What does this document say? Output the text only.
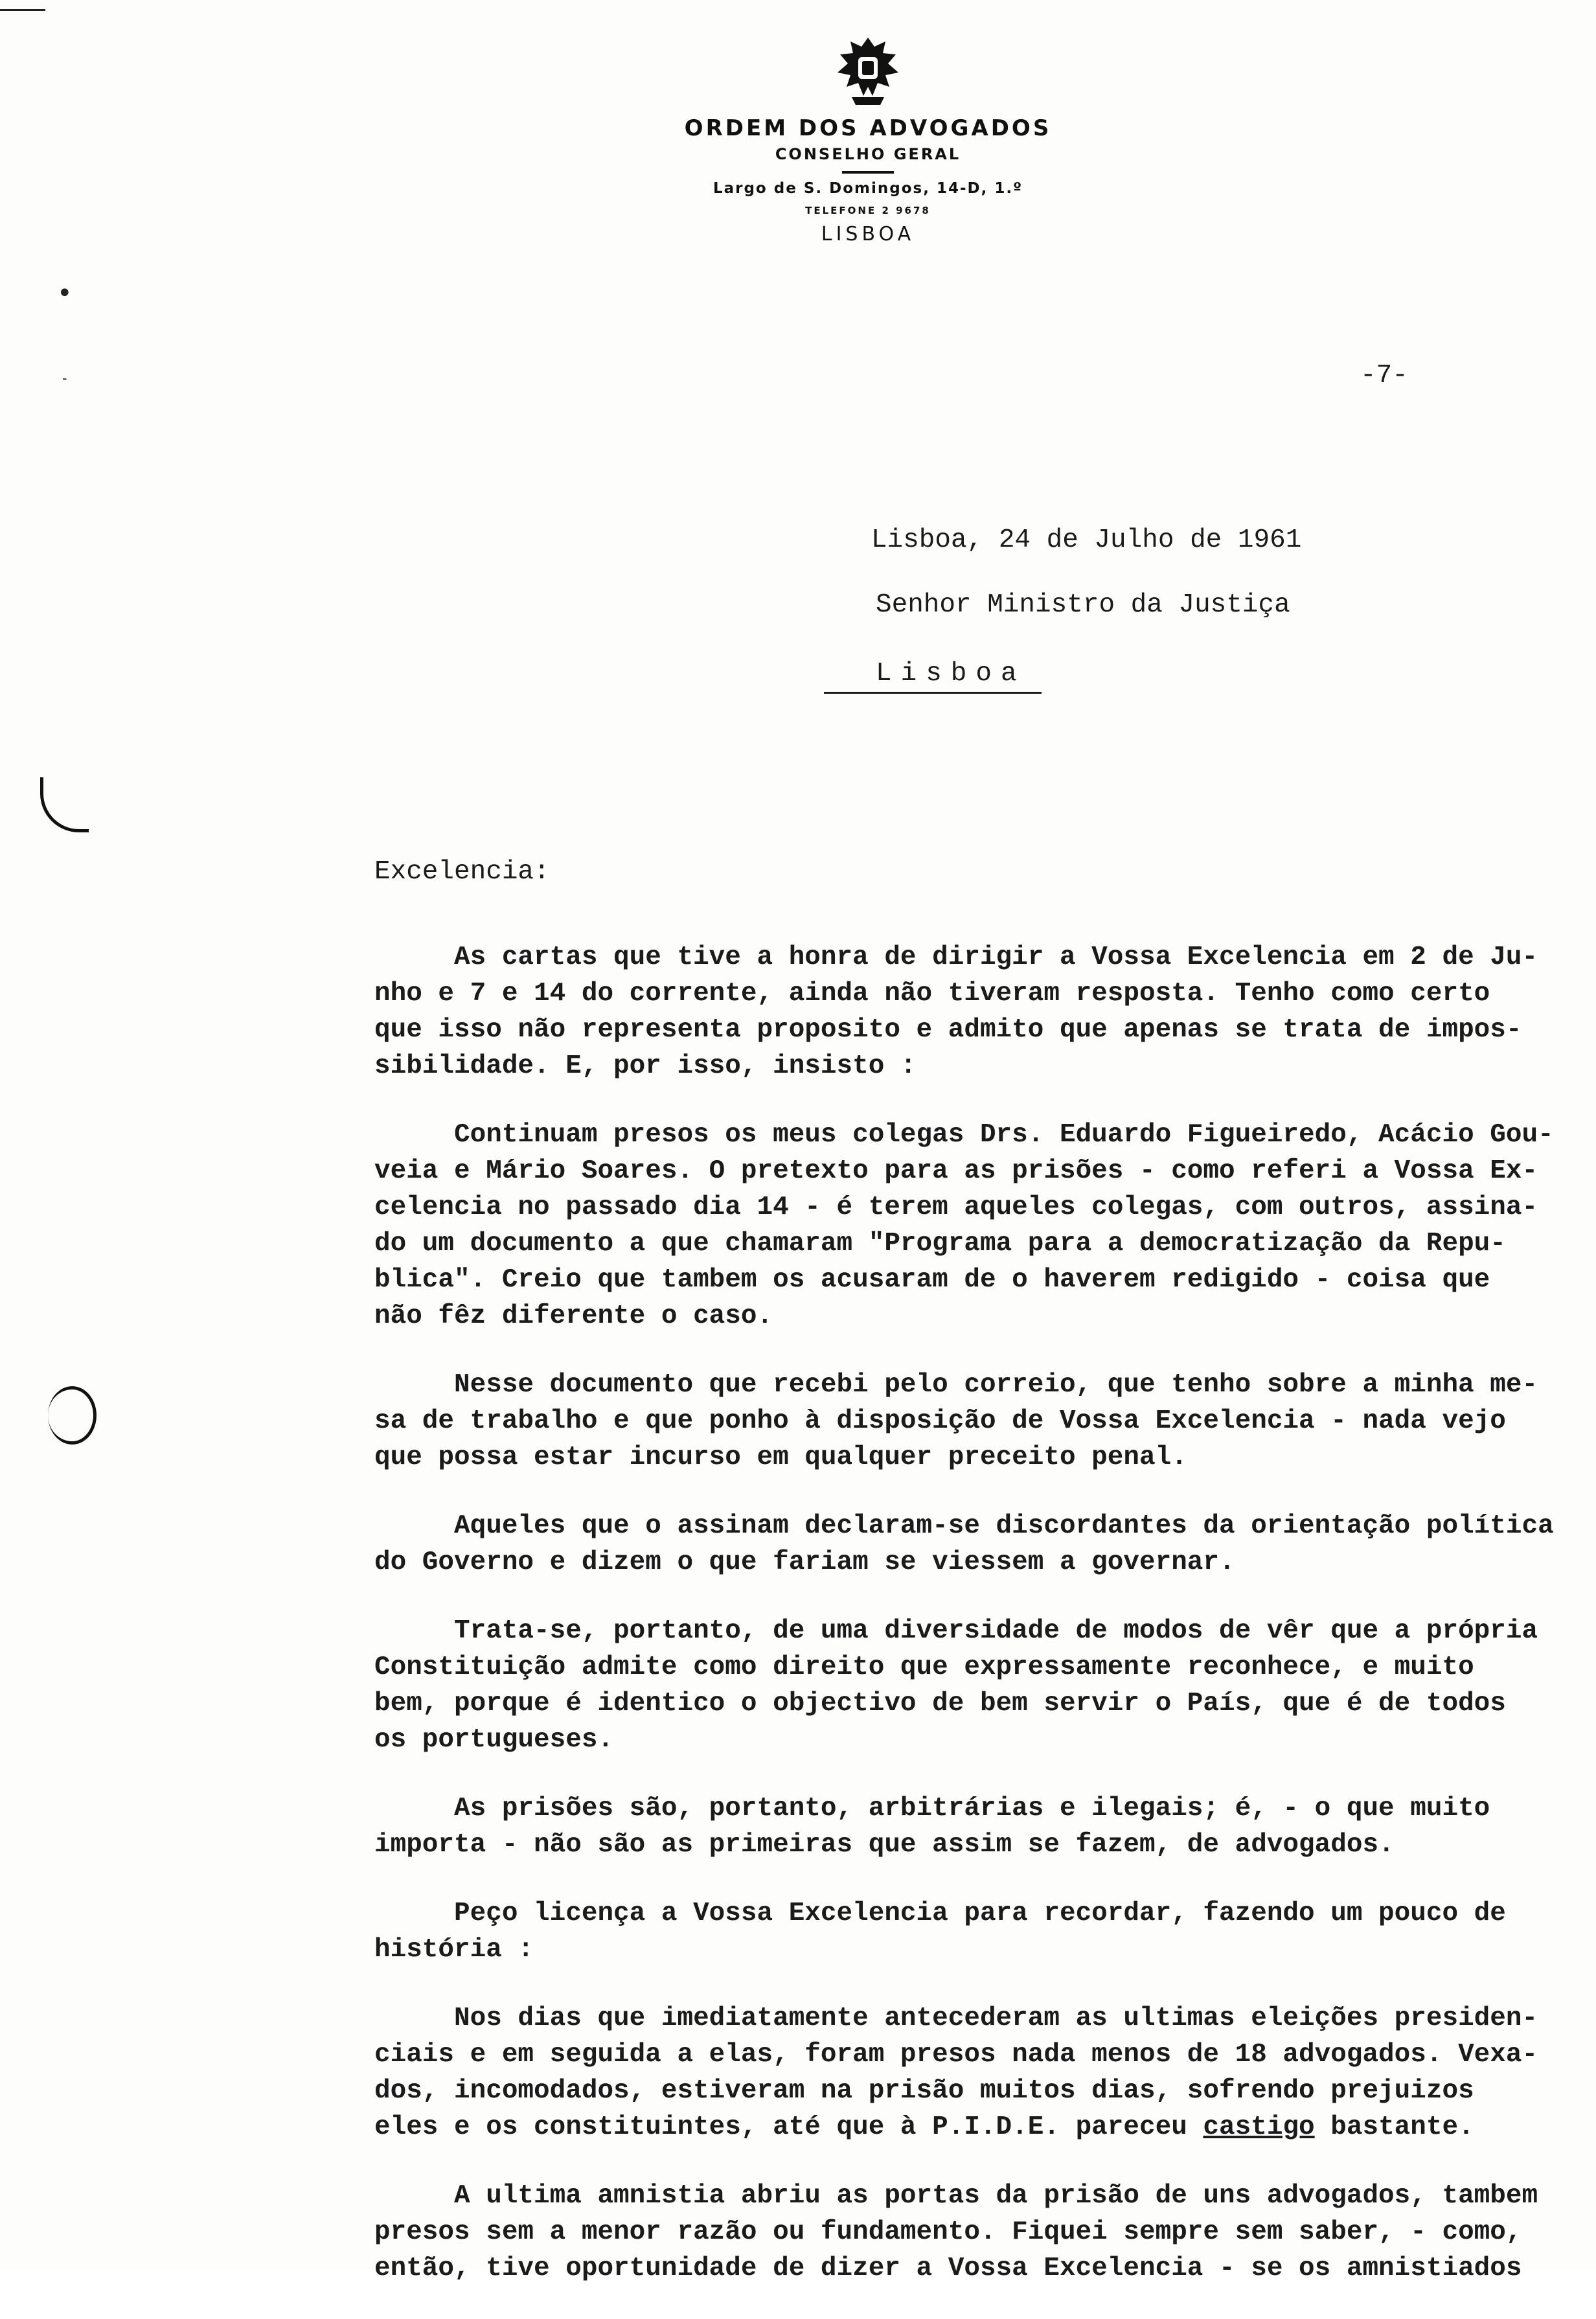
•
-
ORDEM DOS ADVOGADOS
CONSELHO GERAL
Largo de S. Domingos, 14-D, 1.º
TELEFONE 2 9678
LISBOA
-7-
Lisboa, 24 de Julho de 1961
Senhor Ministro da Justiça
Lisboa
Excelencia:
As cartas que tive a honra de dirigir a Vossa Excelencia em 2 de Ju-
nho e 7 e 14 do corrente, ainda não tiveram resposta. Tenho como certo
que isso não representa proposito e admito que apenas se trata de impos-
sibilidade. E, por isso, insisto :
Continuam presos os meus colegas Drs. Eduardo Figueiredo, Acácio Gou-
veia e Mário Soares. O pretexto para as prisões - como referi a Vossa Ex-
celencia no passado dia 14 - é terem aqueles colegas, com outros, assina-
do um documento a que chamaram "Programa para a democratização da Repu-
blica". Creio que tambem os acusaram de o haverem redigido - coisa que
não fêz diferente o caso.
Nesse documento que recebi pelo correio, que tenho sobre a minha me-
sa de trabalho e que ponho à disposição de Vossa Excelencia - nada vejo
que possa estar incurso em qualquer preceito penal.
Aqueles que o assinam declaram-se discordantes da orientação política
do Governo e dizem o que fariam se viessem a governar.
Trata-se, portanto, de uma diversidade de modos de vêr que a própria
Constituição admite como direito que expressamente reconhece, e muito
bem, porque é identico o objectivo de bem servir o País, que é de todos
os portugueses.
As prisões são, portanto, arbitrárias e ilegais; é, - o que muito
importa - não são as primeiras que assim se fazem, de advogados.
Peço licença a Vossa Excelencia para recordar, fazendo um pouco de
história :
Nos dias que imediatamente antecederam as ultimas eleições presiden-
ciais e em seguida a elas, foram presos nada menos de 18 advogados. Vexa-
dos, incomodados, estiveram na prisão muitos dias, sofrendo prejuizos
eles e os constituintes, até que à P.I.D.E. pareceu castigo bastante.
A ultima amnistia abriu as portas da prisão de uns advogados, tambem
presos sem a menor razão ou fundamento. Fiquei sempre sem saber, - como,
então, tive oportunidade de dizer a Vossa Excelencia - se os amnistiados
